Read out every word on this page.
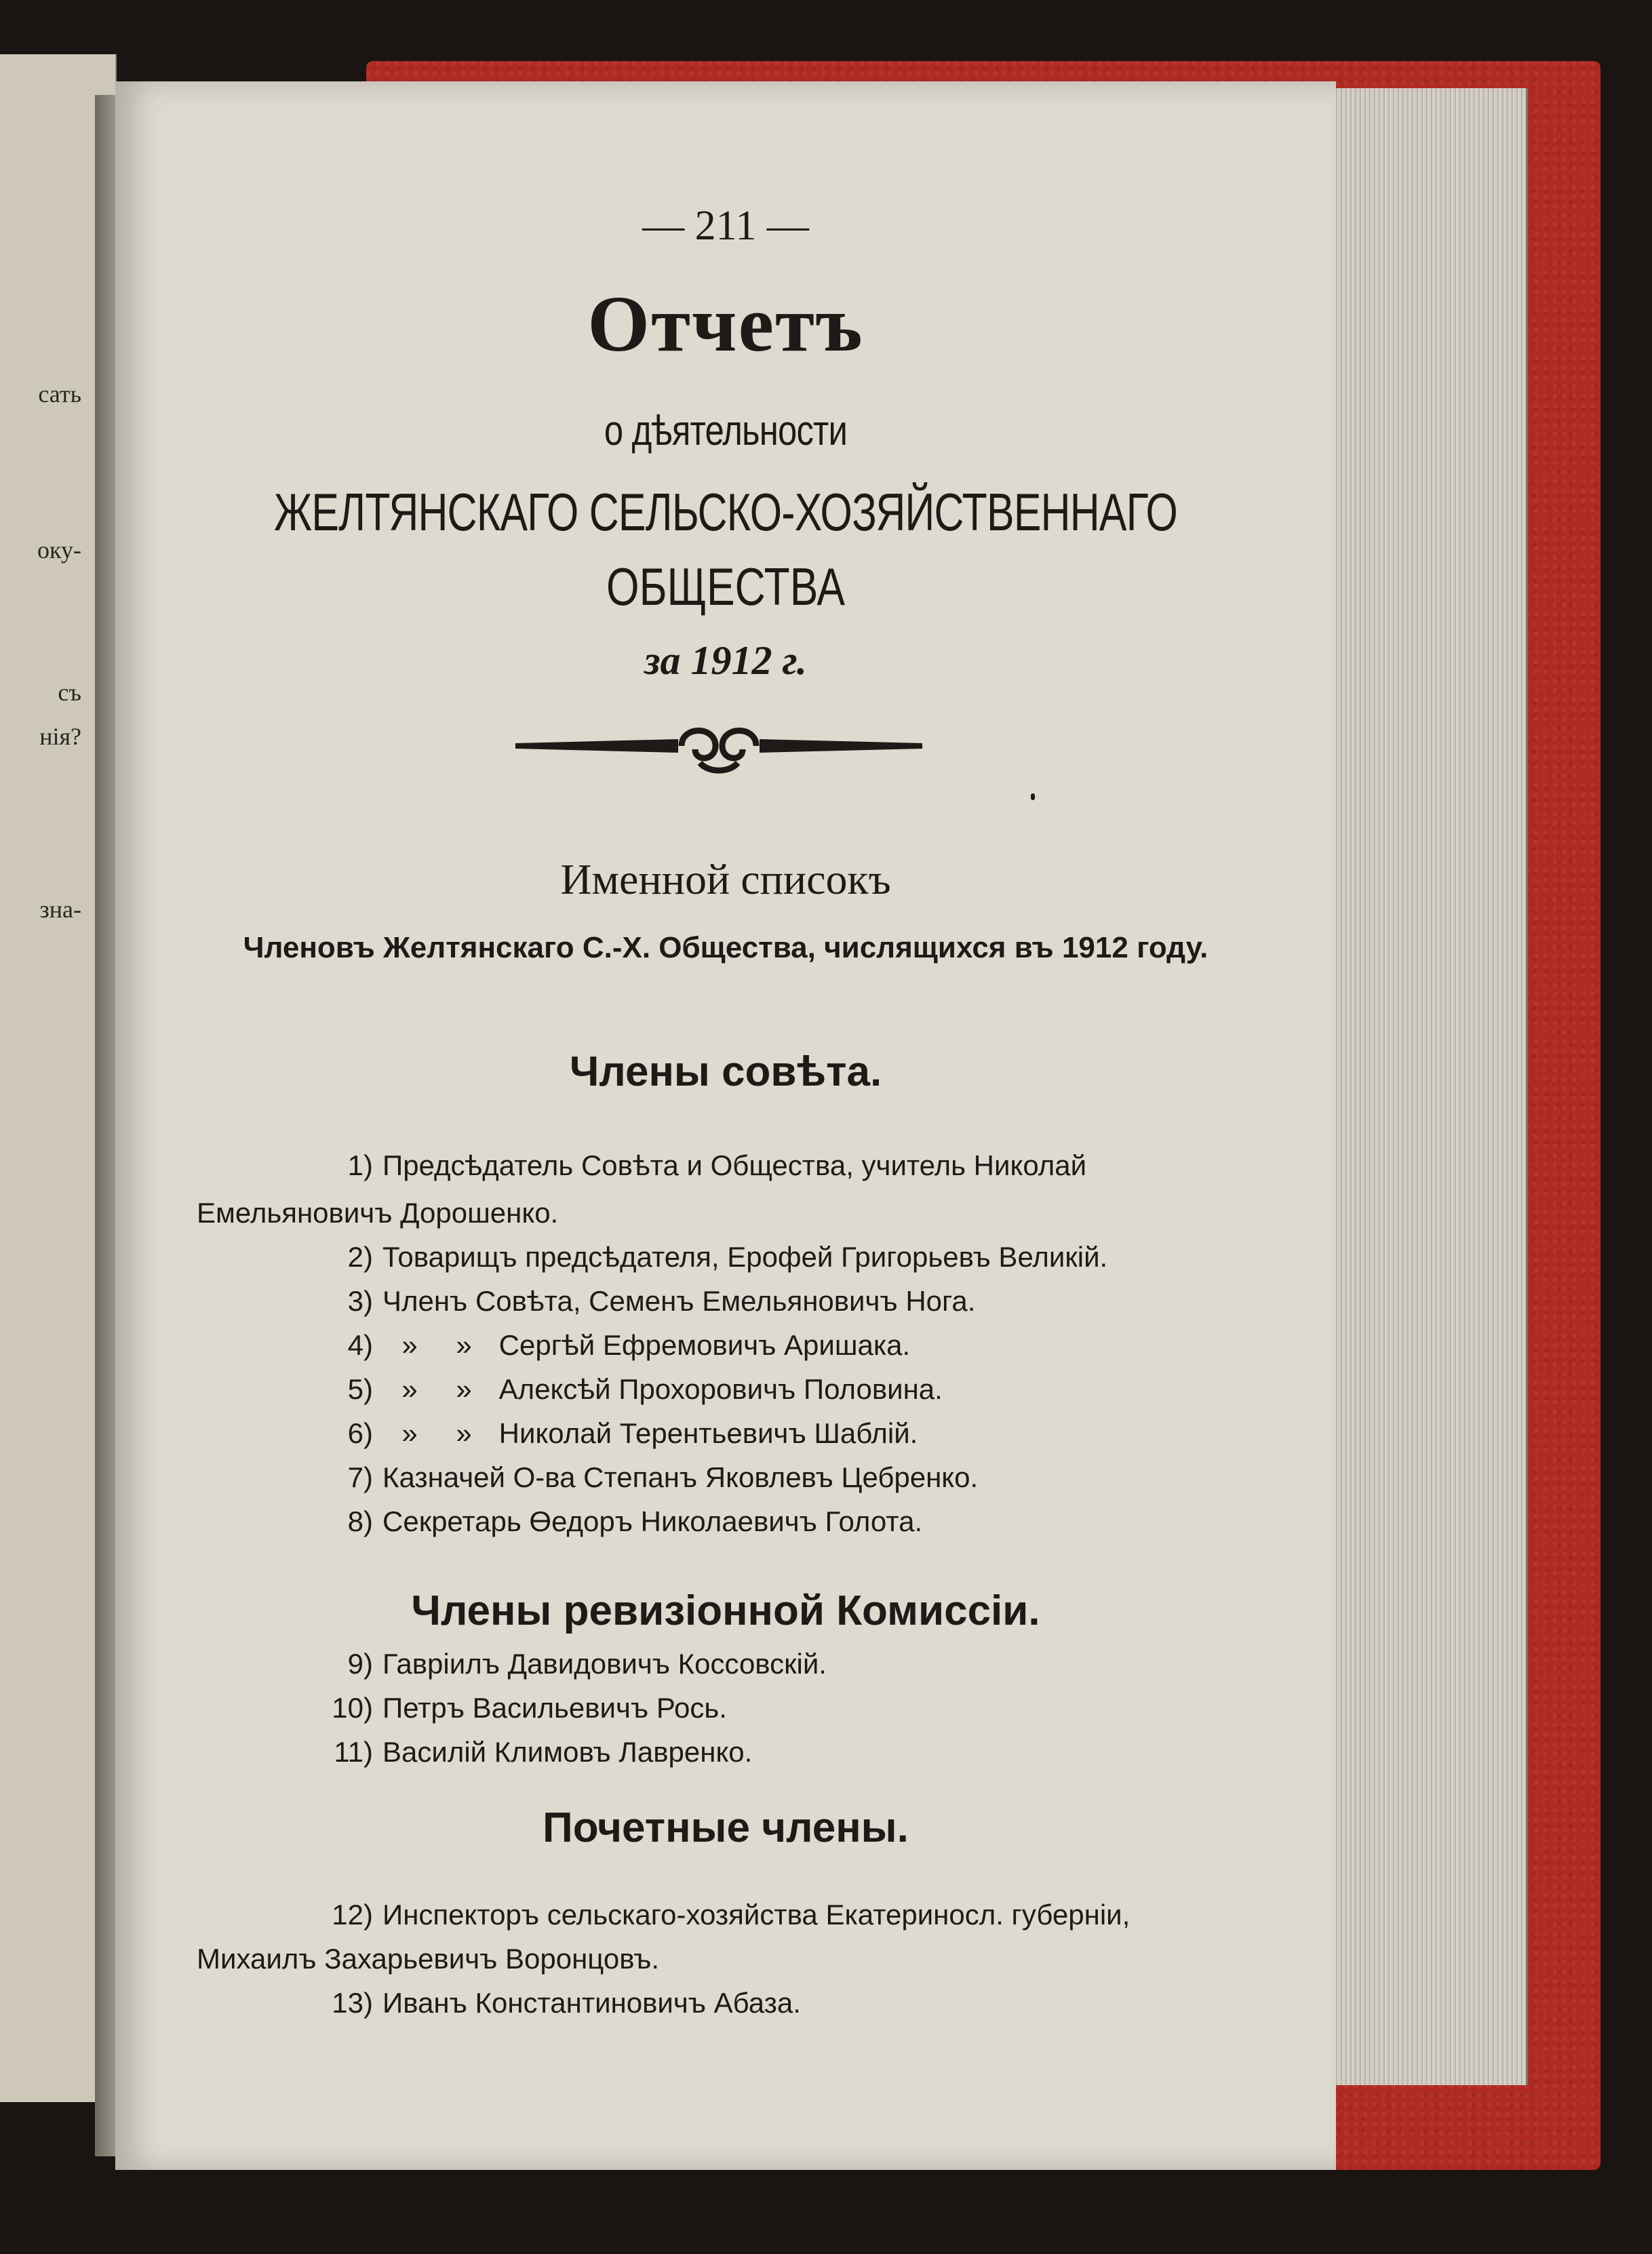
сать
оку-
съ
нія?
зна-
— 211 —
Отчетъ
о дѣятельности
ЖЕЛТЯНСКАГО СЕЛЬСКО-ХОЗЯЙСТВЕННАГО
ОБЩЕСТВА
за 1912 г.
Именной списокъ
Членовъ Желтянскаго С.-Х. Общества, числящихся въ 1912 году.
Члены совѣта.
1) Предсѣдатель Совѣта и Общества, учитель Николай
Емельяновичъ Дорошенко.
2) Товарищъ предсѣдателя, Ерофей Григорьевъ Великій.
3) Членъ Совѣта, Семенъ Емельяновичъ Нога.
4) » » Сергѣй Ефремовичъ Аришака.
5) » » Алексѣй Прохоровичъ Половина.
6) » » Николай Терентьевичъ Шаблій.
7) Казначей О-ва Степанъ Яковлевъ Цебренко.
8) Секретарь Өедоръ Николаевичъ Голота.
Члены ревизіонной Комиссіи.
9) Гавріилъ Давидовичъ Коссовскій.
10) Петръ Васильевичъ Рось.
11) Василій Климовъ Лавренко.
Почетные члены.
12) Инспекторъ сельскаго-хозяйства Екатериносл. губерніи,
Михаилъ Захарьевичъ Воронцовъ.
13) Иванъ Константиновичъ Абаза.
